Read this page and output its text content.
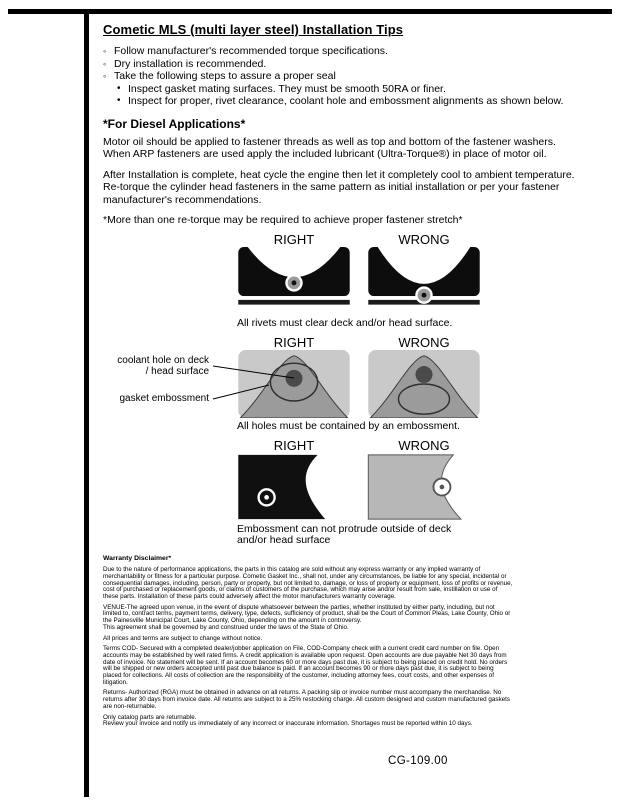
Cometic MLS (multi layer steel) Installation Tips
◦ Follow manufacturer's recommended torque specifications.
◦ Dry installation is recommended.
◦ Take the following steps to assure a proper seal
• Inspect gasket mating surfaces. They must be smooth 50RA or finer.
• Inspect for proper, rivet clearance, coolant hole and embossment alignments as shown below.
*For Diesel Applications*

Motor oil should be applied to fastener threads as well as top and bottom of the fastener washers. When ARP fasteners are used apply the included lubricant (Ultra-Torque®) in place of motor oil.

After Installation is complete, heat cycle the engine then let it completely cool to ambient temperature. Re-torque the cylinder head fasteners in the same pattern as initial installation or per your fastener manufacturer's recommendations.

*More than one re-torque may be required to achieve proper fastener stretch*

RIGHT	WRONG

All rivets must clear deck and/or head surface.

RIGHT	WRONG
coolant hole on deck / head surface
gasket embossment

All holes must be contained by an embossment.

RIGHT	WRONG

Embossment can not protrude outside of deck and/or head surface

Warranty Disclaimer*

Due to the nature of performance applications, the parts in this catalog are sold without any express warranty or any implied warranty of merchantability or fitness for a particular purpose. Cometic Gasket Inc., shall not, under any circumstances, be liable for any special, incidental or consequential damages, including, person, party or property, but not limited to, damage, or loss of property or equipment, loss of profits or revenue, cost of purchased or replacement goods, or claims of customers of the purchase, which may arise and/or result from sale, instillation or use of these parts. Installation of these parts could adversely affect the motor manufacturers warranty coverage.

VENUE-The agreed upon venue, in the event of dispute whatsoever between the parties, whether instituted by either party, including, but not limited to, contract terms, payment terms, delivery, type, defects, sufficiency of product, shall be the Court of Common Pleas, Lake County, Ohio or the Painesville Municipal Court, Lake County, Ohio, depending on the amount in controversy.

This agreement shall be governed by and construed under the laws of the State of Ohio.

All prices and terms are subject to change without notice.

Terms COD- Secured with a completed dealer/jobber application on File, COD-Company check with a current credit card number on file. Open accounts may be established by well rated firms. A credit application is available upon request. Open accounts are due payable Net 30 days from date of invoice. No statement will be sent. If an account becomes 60 or more days past due, it is subject to being placed on credit hold. No orders will be shipped or new orders accepted until past due balance is paid. If an account becomes 90 or more days past due, it is subject to being placed for collections. All costs of collection are the responsibility of the customer, including attorney fees, court costs, and other expenses of litigation.

Returns- Authorized (RGA) must be obtained in advance on all returns. A packing slip or invoice number must accompany the merchandise. No returns after 30 days from invoice date. All returns are subject to a 25% restocking charge. All custom designed and custom manufactured gaskets are non-returnable.

Only catalog parts are returnable.

Review your invoice and notify us immediately of any incorrect or inaccurate information. Shortages must be reported within 10 days.

CG-109.00
